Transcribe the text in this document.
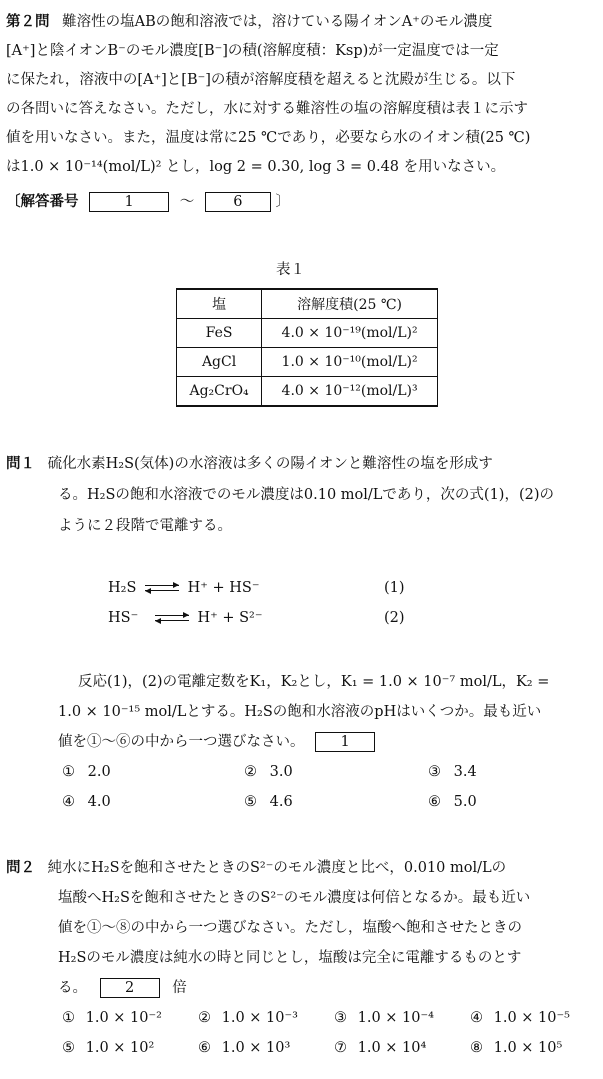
第２問 難溶性の塩ABの飽和溶液では，溶けている陽イオンA⁺のモル濃度
[A⁺]と陰イオンB⁻のモル濃度[B⁻]の積(溶解度積：Ksp)が一定温度では一定
に保たれ，溶液中の[A⁺]と[B⁻]の積が溶解度積を超えると沈殿が生じる。以下
の各問いに答えなさい。ただし，水に対する難溶性の塩の溶解度積は表１に示す
値を用いなさい。また，温度は常に25 ℃であり，必要なら水のイオン積(25 ℃)
は1.0 × 10⁻¹⁴(mol/L)² とし，log 2 = 0.30, log 3 = 0.48 を用いなさい。
〔解答番号	1	～	6 〕
表１
塩	溶解度積(25 ℃)
FeS	4.0 × 10⁻¹⁹(mol/L)²
AgCl	1.0 × 10⁻¹⁰(mol/L)²
Ag₂CrO₄	4.0 × 10⁻¹²(mol/L)³
問１ 硫化水素H₂S(気体)の水溶液は多くの陽イオンと難溶性の塩を形成す
る。H₂Sの飽和水溶液でのモル濃度は0.10 mol/Lであり，次の式(1)，(2)の
ように２段階で電離する。
H₂S	H⁺ + HS⁻	(1)
HS⁻	H⁺ + S²⁻	(2)
反応(1)，(2)の電離定数をK₁，K₂とし，K₁ = 1.0 × 10⁻⁷ mol/L，K₂ =
1.0 × 10⁻¹⁵ mol/Lとする。H₂Sの飽和水溶液のpHはいくつか。最も近い
値を①～⑥の中から一つ選びなさい。 1
① 2.0	② 3.0	③ 3.4
④ 4.0	⑤ 4.6	⑥ 5.0
問２ 純水にH₂Sを飽和させたときのS²⁻のモル濃度と比べ，0.010 mol/Lの
塩酸へH₂Sを飽和させたときのS²⁻のモル濃度は何倍となるか。最も近い
値を①～⑧の中から一つ選びなさい。ただし，塩酸へ飽和させたときの
H₂Sのモル濃度は純水の時と同じとし，塩酸は完全に電離するものとす
る。	2	倍
① 1.0 × 10⁻² ② 1.0 × 10⁻³ ③ 1.0 × 10⁻⁴ ④ 1.0 × 10⁻⁵
⑤ 1.0 × 10²	⑥ 1.0 × 10³	⑦ 1.0 × 10⁴	⑧ 1.0 × 10⁵
